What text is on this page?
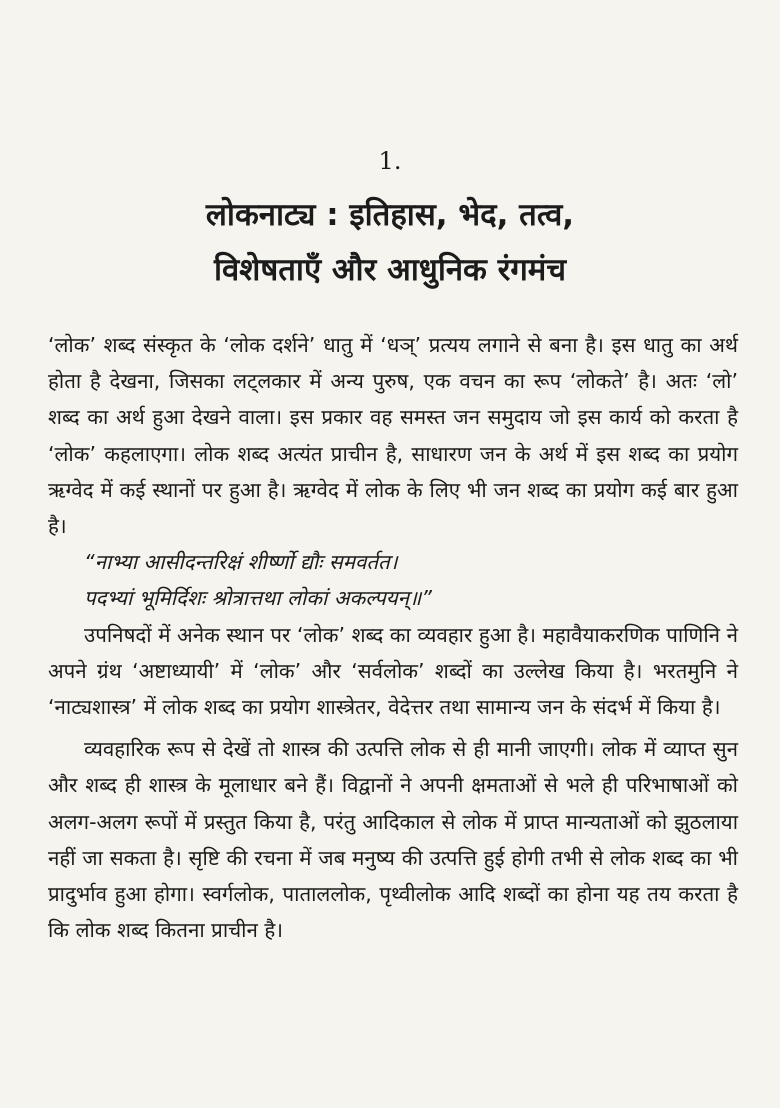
1.
लोकनाट्य : इतिहास, भेद, तत्व,
विशेषताएँ और आधुनिक रंगमंच

‘लोक’ शब्द संस्कृत के ‘लोक दर्शने’ धातु में ‘धञ्’ प्रत्यय लगाने से बना है। इस धातु का अर्थ होता है देखना, जिसका लट्लकार में अन्य पुरुष, एक वचन का रूप ‘लोकते’ है। अतः ‘लो’ शब्द का अर्थ हुआ देखने वाला। इस प्रकार वह समस्त जन समुदाय जो इस कार्य को करता है ‘लोक’ कहलाएगा। लोक शब्द अत्यंत प्राचीन है, साधारण जन के अर्थ में इस शब्द का प्रयोग ऋग्वेद में कई स्थानों पर हुआ है। ऋग्वेद में लोक के लिए भी जन शब्द का प्रयोग कई बार हुआ है।

“नाभ्या आसीदन्तरिक्षं शीर्ष्णो द्यौः समवर्तत।
पदभ्यां भूमिर्दिशः श्रोत्रात्तथा लोकां अकल्पयन्॥”

उपनिषदों में अनेक स्थान पर ‘लोक’ शब्द का व्यवहार हुआ है। महावैयाकरणिक पाणिनि ने अपने ग्रंथ ‘अष्टाध्यायी’ में ‘लोक’ और ‘सर्वलोक’ शब्दों का उल्लेख किया है। भरतमुनि ने ‘नाट्यशास्त्र’ में लोक शब्द का प्रयोग शास्त्रेतर, वेदेत्तर तथा सामान्य जन के संदर्भ में किया है।

व्यवहारिक रूप से देखें तो शास्त्र की उत्पत्ति लोक से ही मानी जाएगी। लोक में व्याप्त सुन और शब्द ही शास्त्र के मूलाधार बने हैं। विद्वानों ने अपनी क्षमताओं से भले ही परिभाषाओं को अलग-अलग रूपों में प्रस्तुत किया है, परंतु आदिकाल से लोक में प्राप्त मान्यताओं को झुठलाया नहीं जा सकता है। सृष्टि की रचना में जब मनुष्य की उत्पत्ति हुई होगी तभी से लोक शब्द का भी प्रादुर्भाव हुआ होगा। स्वर्गलोक, पाताललोक, पृथ्वीलोक आदि शब्दों का होना यह तय करता है कि लोक शब्द कितना प्राचीन है।
